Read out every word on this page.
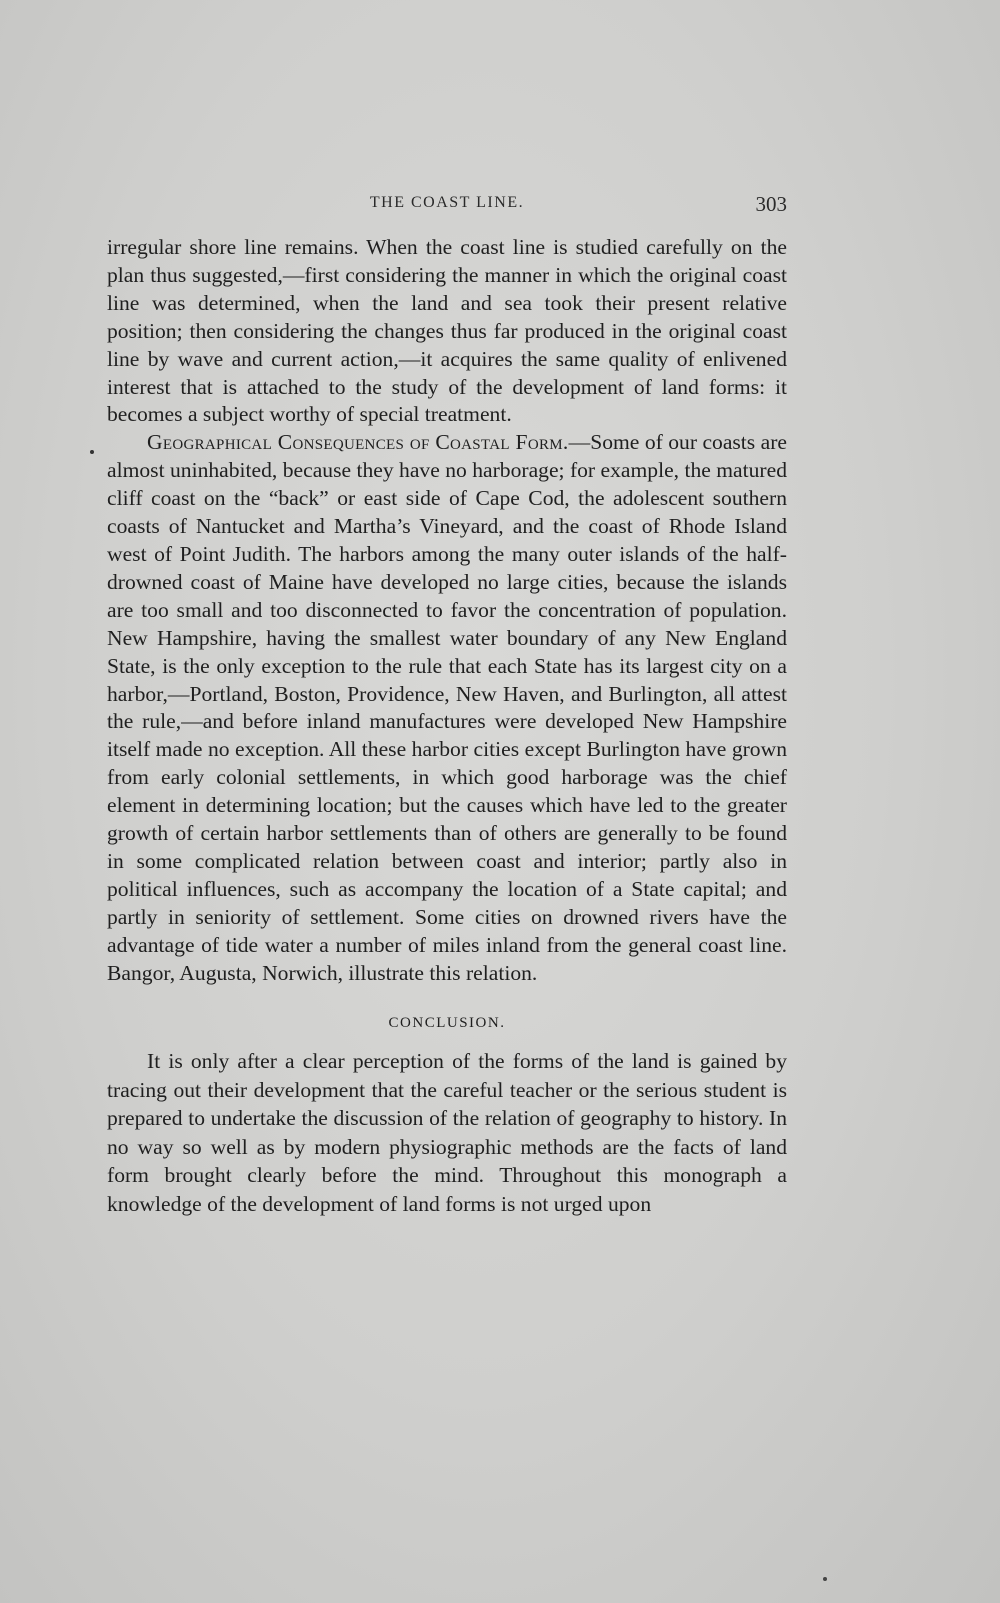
THE COAST LINE.	303

irregular shore line remains. When the coast line is studied carefully on the plan thus suggested,—first considering the manner in which the original coast line was determined, when the land and sea took their present relative position; then considering the changes thus far produced in the original coast line by wave and current action,—it acquires the same quality of enlivened interest that is attached to the study of the development of land forms: it becomes a subject worthy of special treatment.

Geographical Consequences of Coastal Form.—Some of our coasts are almost uninhabited, because they have no harborage; for example, the matured cliff coast on the “back” or east side of Cape Cod, the adolescent southern coasts of Nantucket and Martha’s Vineyard, and the coast of Rhode Island west of Point Judith. The harbors among the many outer islands of the half-drowned coast of Maine have developed no large cities, because the islands are too small and too disconnected to favor the concentration of population. New Hampshire, having the smallest water boundary of any New England State, is the only exception to the rule that each State has its largest city on a harbor,—Portland, Boston, Providence, New Haven, and Burlington, all attest the rule,—and before inland manufactures were developed New Hampshire itself made no exception. All these harbor cities except Burlington have grown from early colonial settlements, in which good harborage was the chief element in determining location; but the causes which have led to the greater growth of certain harbor settlements than of others are generally to be found in some complicated relation between coast and interior; partly also in political influences, such as accompany the location of a State capital; and partly in seniority of settlement. Some cities on drowned rivers have the advantage of tide water a number of miles inland from the general coast line. Bangor, Augusta, Norwich, illustrate this relation.

CONCLUSION.

It is only after a clear perception of the forms of the land is gained by tracing out their development that the careful teacher or the serious student is prepared to undertake the discussion of the relation of geography to history. In no way so well as by modern physiographic methods are the facts of land form brought clearly before the mind. Throughout this monograph a knowledge of the development of land forms is not urged upon
